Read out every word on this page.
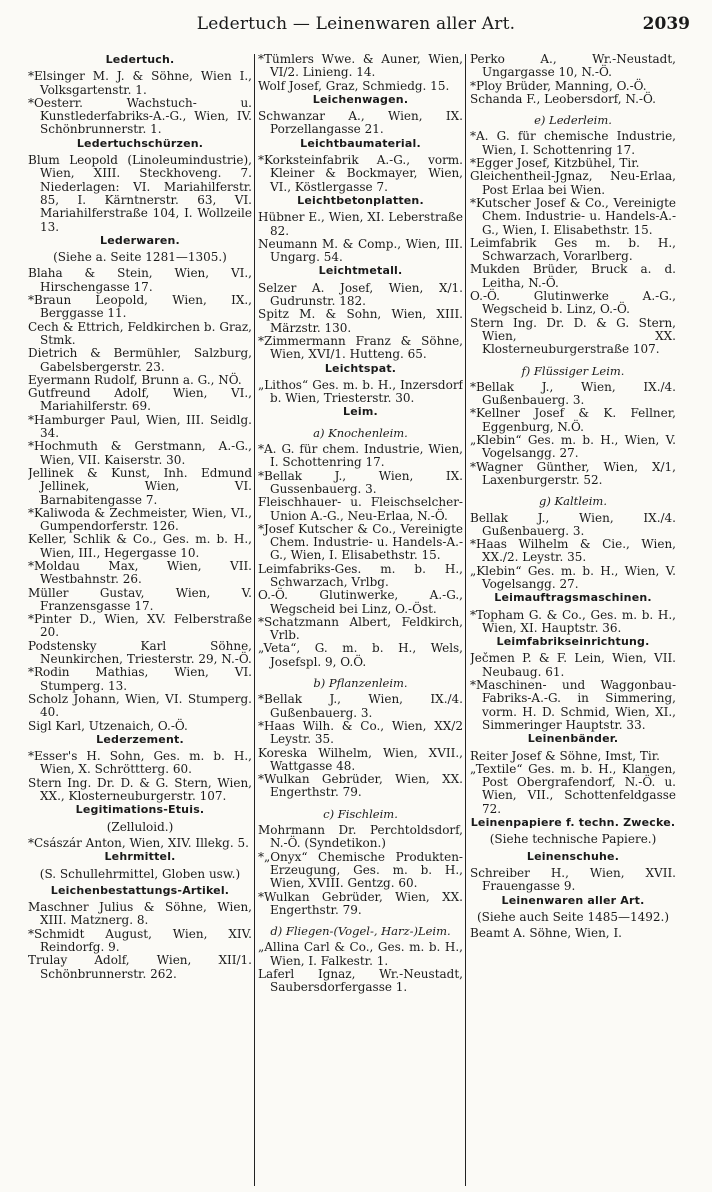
Ledertuch — Leinenwaren aller Art.	2039
Ledertuch.
*Elsinger M. J. & Söhne, Wien I., Volksgartenstr. 1.
*Oesterr. Wachstuch- u. Kunstlederfabriks-A.-G., Wien, IV. Schönbrunnerstr. 1.
Ledertuchschürzen.
Blum Leopold (Linoleumindustrie), Wien, XIII. Steckhoveng. 7. Niederlagen: VI. Mariahilferstr. 85, I. Kärntnerstr. 63, VI. Mariahilferstraße 104, I. Wollzeile 13.
Lederwaren.
(Siehe a. Seite 1281—1305.)
Blaha & Stein, Wien, VI., Hirschengasse 17.
*Braun Leopold, Wien, IX., Berggasse 11.
Cech & Ettrich, Feldkirchen b. Graz, Stmk.
Dietrich & Bermühler, Salzburg, Gabelsbergerstr. 23.
Eyermann Rudolf, Brunn a. G., NÖ.
Gutfreund Adolf, Wien, VI., Mariahilferstr. 69.
*Hamburger Paul, Wien, III. Seidlg. 34.
*Hochmuth & Gerstmann, A.-G., Wien, VII. Kaiserstr. 30.
Jellinek & Kunst, Inh. Edmund Jellinek, Wien, VI. Barnabitengasse 7.
*Kaliwoda & Zechmeister, Wien, VI., Gumpendorferstr. 126.
Keller, Schlik & Co., Ges. m. b. H., Wien, III., Hegergasse 10.
*Moldau Max, Wien, VII. Westbahnstr. 26.
Müller Gustav, Wien, V. Franzensgasse 17.
*Pinter D., Wien, XV. Felberstraße 20.
Podstensky Karl Söhne, Neunkirchen, Triesterstr. 29, N.-Ö.
*Rodin Mathias, Wien, VI. Stumperg. 13.
Scholz Johann, Wien, VI. Stumperg. 40.
Sigl Karl, Utzenaich, O.-Ö.
Lederzement.
*Esser's H. Sohn, Ges. m. b. H., Wien, X. Schröttterg. 60.
Stern Ing. Dr. D. & G. Stern, Wien, XX., Klosterneuburgerstr. 107.
Legitimations-Etuis.
(Zelluloid.)
*Császár Anton, Wien, XIV. Illekg. 5.
Lehrmittel.
(S. Schullehrmittel, Globen usw.)
Leichenbestattungs-Artikel.
Maschner Julius & Söhne, Wien, XIII. Matznerg. 8.
*Schmidt August, Wien, XIV. Reindorfg. 9.
Trulay Adolf, Wien, XII/1. Schönbrunnerstr. 262.
*Tümlers Wwe. & Auner, Wien, VI/2. Linieng. 14.
Wolf Josef, Graz, Schmiedg. 15.
Leichenwagen.
Schwanzar A., Wien, IX. Porzellangasse 21.
Leichtbaumaterial.
*Korksteinfabrik A.-G., vorm. Kleiner & Bockmayer, Wien, VI., Köstlergasse 7.
Leichtbetonplatten.
Hübner E., Wien, XI. Leberstraße 82.
Neumann M. & Comp., Wien, III. Ungarg. 54.
Leichtmetall.
Selzer A. Josef, Wien, X/1. Gudrunstr. 182.
Spitz M. & Sohn, Wien, XIII. Märzstr. 130.
*Zimmermann Franz & Söhne, Wien, XVI/1. Hutteng. 65.
Leichtspat.
„Lithos“ Ges. m. b. H., Inzersdorf b. Wien, Triesterstr. 30.
Leim.
a) Knochenleim.
*A. G. für chem. Industrie, Wien, I. Schottenring 17.
*Bellak J., Wien, IX. Gussenbauerg. 3.
Fleischhauer- u. Fleischselcher-Union A.-G., Neu-Erlaa, N.-Ö.
*Josef Kutscher & Co., Vereinigte Chem. Industrie- u. Handels-A.-G., Wien, I. Elisabethstr. 15.
Leimfabriks-Ges. m. b. H., Schwarzach, Vrlbg.
O.-Ö. Glutinwerke, A.-G., Wegscheid bei Linz, O.-Öst.
*Schatzmann Albert, Feldkirch, Vrlb.
„Veta“, G. m. b. H., Wels, Josefspl. 9, O.Ö.
b) Pflanzenleim.
*Bellak J., Wien, IX./4. Gußenbauerg. 3.
*Haas Wilh. & Co., Wien, XX/2 Leystr. 35.
Koreska Wilhelm, Wien, XVII., Wattgasse 48.
*Wulkan Gebrüder, Wien, XX. Engerthstr. 79.
c) Fischleim.
Mohrmann Dr. Perchtoldsdorf, N.-Ö. (Syndetikon.)
*„Onyx“ Chemische Produkten-Erzeugung, Ges. m. b. H., Wien, XVIII. Gentzg. 60.
*Wulkan Gebrüder, Wien, XX. Engerthstr. 79.
d) Fliegen-(Vogel-, Harz-)Leim.
„Allina Carl & Co., Ges. m. b. H., Wien, I. Falkestr. 1.
Laferl Ignaz, Wr.-Neustadt, Saubersdorfergasse 1.
Perko A., Wr.-Neustadt, Ungargasse 10, N.-Ö.
*Ploy Brüder, Manning, O.-Ö.
Schanda F., Leobersdorf, N.-Ö.
e) Lederleim.
*A. G. für chemische Industrie, Wien, I. Schottenring 17.
*Egger Josef, Kitzbühel, Tir.
Gleichentheil-Jgnaz, Neu-Erlaa, Post Erlaa bei Wien.
*Kutscher Josef & Co., Vereinigte Chem. Industrie- u. Handels-A.-G., Wien, I. Elisabethstr. 15.
Leimfabrik Ges m. b. H., Schwarzach, Vorarlberg.
Mukden Brüder, Bruck a. d. Leitha, N.-Ö.
O.-Ö. Glutinwerke A.-G., Wegscheid b. Linz, O.-Ö.
Stern Ing. Dr. D. & G. Stern, Wien, XX. Klosterneuburgerstraße 107.
f) Flüssiger Leim.
*Bellak J., Wien, IX./4. Gußenbauerg. 3.
*Kellner Josef & K. Fellner, Eggenburg, N.Ö.
„Klebin“ Ges. m. b. H., Wien, V. Vogelsangg. 27.
*Wagner Günther, Wien, X/1, Laxenburgerstr. 52.
g) Kaltleim.
Bellak J., Wien, IX./4. Gußenbauerg. 3.
*Haas Wilhelm & Cie., Wien, XX./2. Leystr. 35.
„Klebin“ Ges. m. b. H., Wien, V. Vogelsangg. 27.
Leimauftragsmaschinen.
*Topham G. & Co., Ges. m. b. H., Wien, XI. Hauptstr. 36.
Leimfabrikseinrichtung.
Ječmen P. & F. Lein, Wien, VII. Neubaug. 61.
*Maschinen- und Waggonbau-Fabriks-A.-G. in Simmering, vorm. H. D. Schmid, Wien, XI., Simmeringer Hauptstr. 33.
Leinenbänder.
Reiter Josef & Söhne, Imst, Tir.
„Textile“ Ges. m. b. H., Klangen, Post Obergrafendorf, N.-Ö. u. Wien, VII., Schottenfeldgasse 72.
Leinenpapiere f. techn. Zwecke.
(Siehe technische Papiere.)
Leinenschuhe.
Schreiber H., Wien, XVII. Frauengasse 9.
Leinenwaren aller Art.
(Siehe auch Seite 1485—1492.)
Beamt A. Söhne, Wien, I.
